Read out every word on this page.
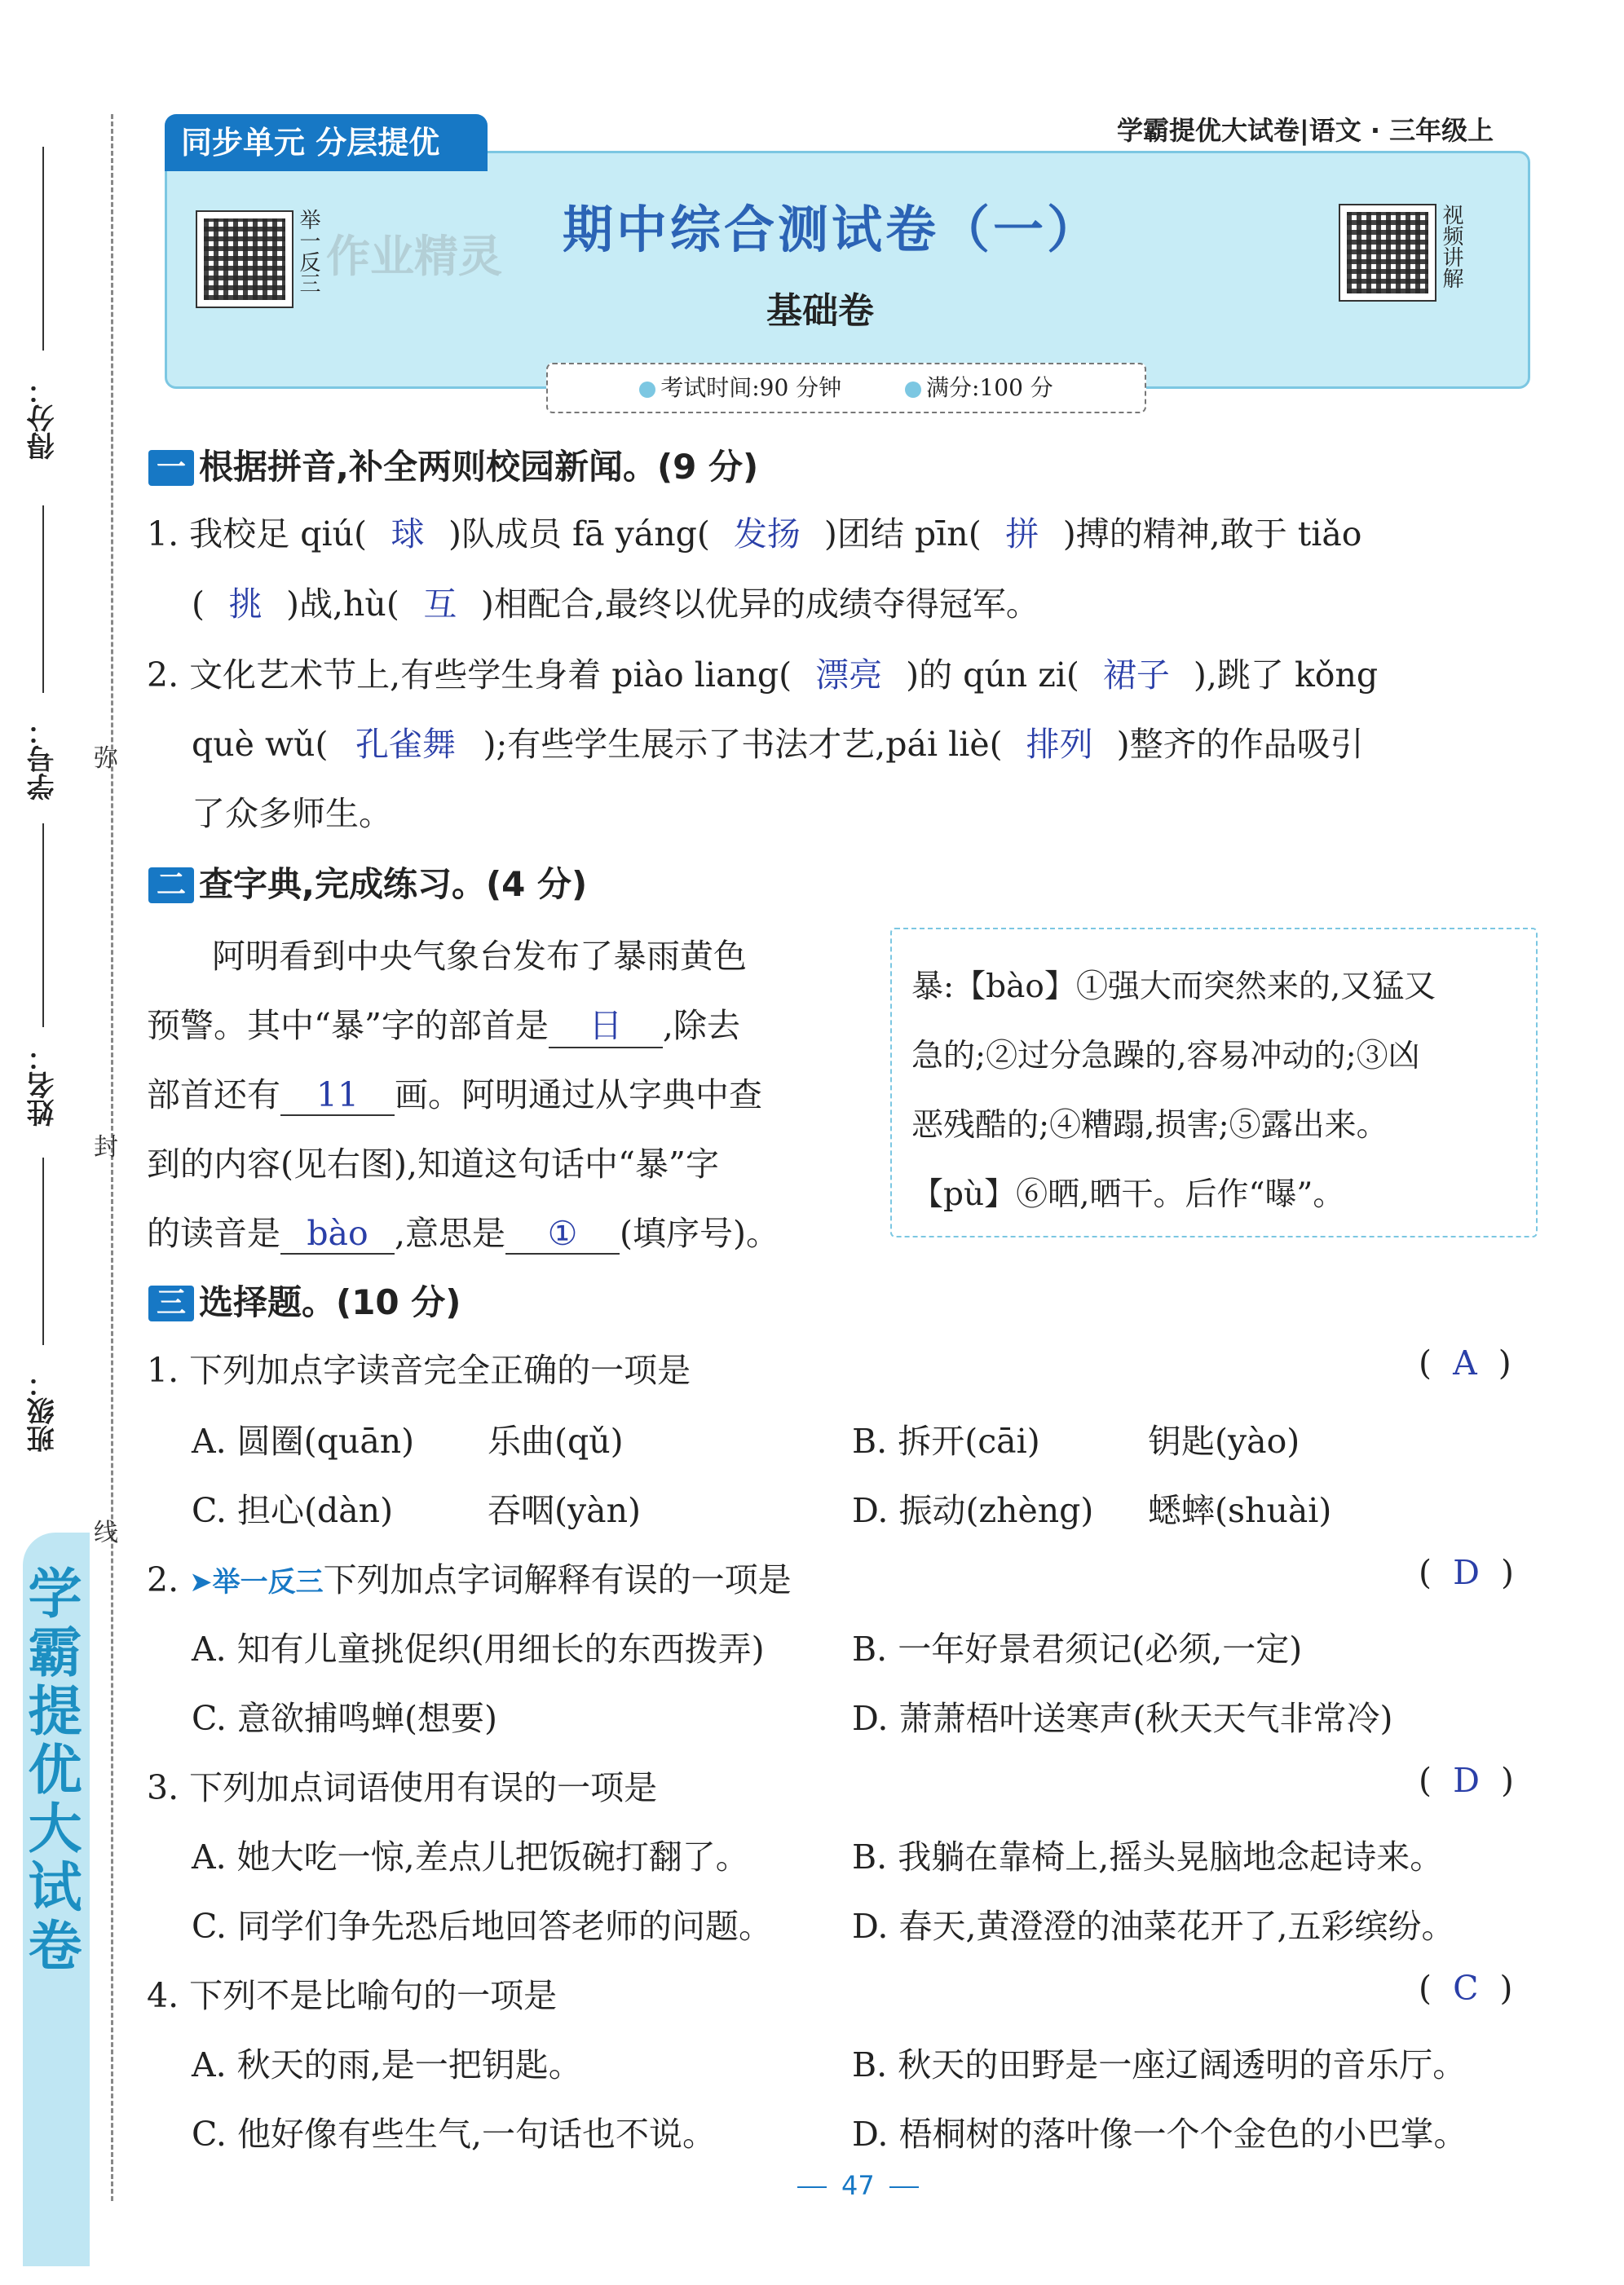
学霸提优大试卷
弥
封
线
得分：
学号：
姓名：
班级：
同步单元 分层提优	学霸提优大试卷|语文 · 三年级上
举一反三 作业精灵 期中综合测试卷（一）
基础卷
视频讲解
考试时间:90 分钟	满分:100 分
一 根据拼音,补全两则校园新闻。(9 分)
1. 我校足 qiú( 球 )队成员 fā yáng( 发扬 )团结 pīn( 拼 )搏的精神,敢于 tiǎo
( 挑 )战,hù( 互 )相配合,最终以优异的成绩夺得冠军。
2. 文化艺术节上,有些学生身着 piào liang( 漂亮 )的 qún zi( 裙子 ),跳了 kǒng
què wǔ( 孔雀舞 );有些学生展示了书法才艺,pái liè( 排列 )整齐的作品吸引
了众多师生。
二 查字典,完成练习。(4 分)
阿明看到中央气象台发布了暴雨黄色
预警。其中“暴”字的部首是 日 ,除去
部首还有 11 画。阿明通过从字典中查
到的内容(见右图),知道这句话中“暴”字
的读音是 bào ,意思是 ① (填序号)。
暴:【bào】①强大而突然来的,又猛又
急的;②过分急躁的,容易冲动的;③凶
恶残酷的;④糟蹋,损害;⑤露出来。
【pù】⑥晒,晒干。后作“曝”。
三 选择题。(10 分)
1. 下列加点字读音完全正确的一项是	(  A  )
A. 圆圈(quān) 乐曲(qǔ)	B. 拆开(cāi)	钥匙(yào)
C. 担心(dàn)	吞咽(yàn)	D. 振动(zhèng) 蟋蟀(shuài)
2. ➤举一反三下列加点字词解释有误的一项是	(  D  )
A. 知有儿童挑促织(用细长的东西拨弄)	B. 一年好景君须记(必须,一定)
C. 意欲捕鸣蝉(想要)	D. 萧萧梧叶送寒声(秋天天气非常冷)
3. 下列加点词语使用有误的一项是	(  D  )
A. 她大吃一惊,差点儿把饭碗打翻了。	B. 我躺在靠椅上,摇头晃脑地念起诗来。
C. 同学们争先恐后地回答老师的问题。 D. 春天,黄澄澄的油菜花开了,五彩缤纷。
4. 下列不是比喻句的一项是	(  C  )
A. 秋天的雨,是一把钥匙。	B. 秋天的田野是一座辽阔透明的音乐厅。
C. 他好像有些生气,一句话也不说。	D. 梧桐树的落叶像一个个金色的小巴掌。
47
